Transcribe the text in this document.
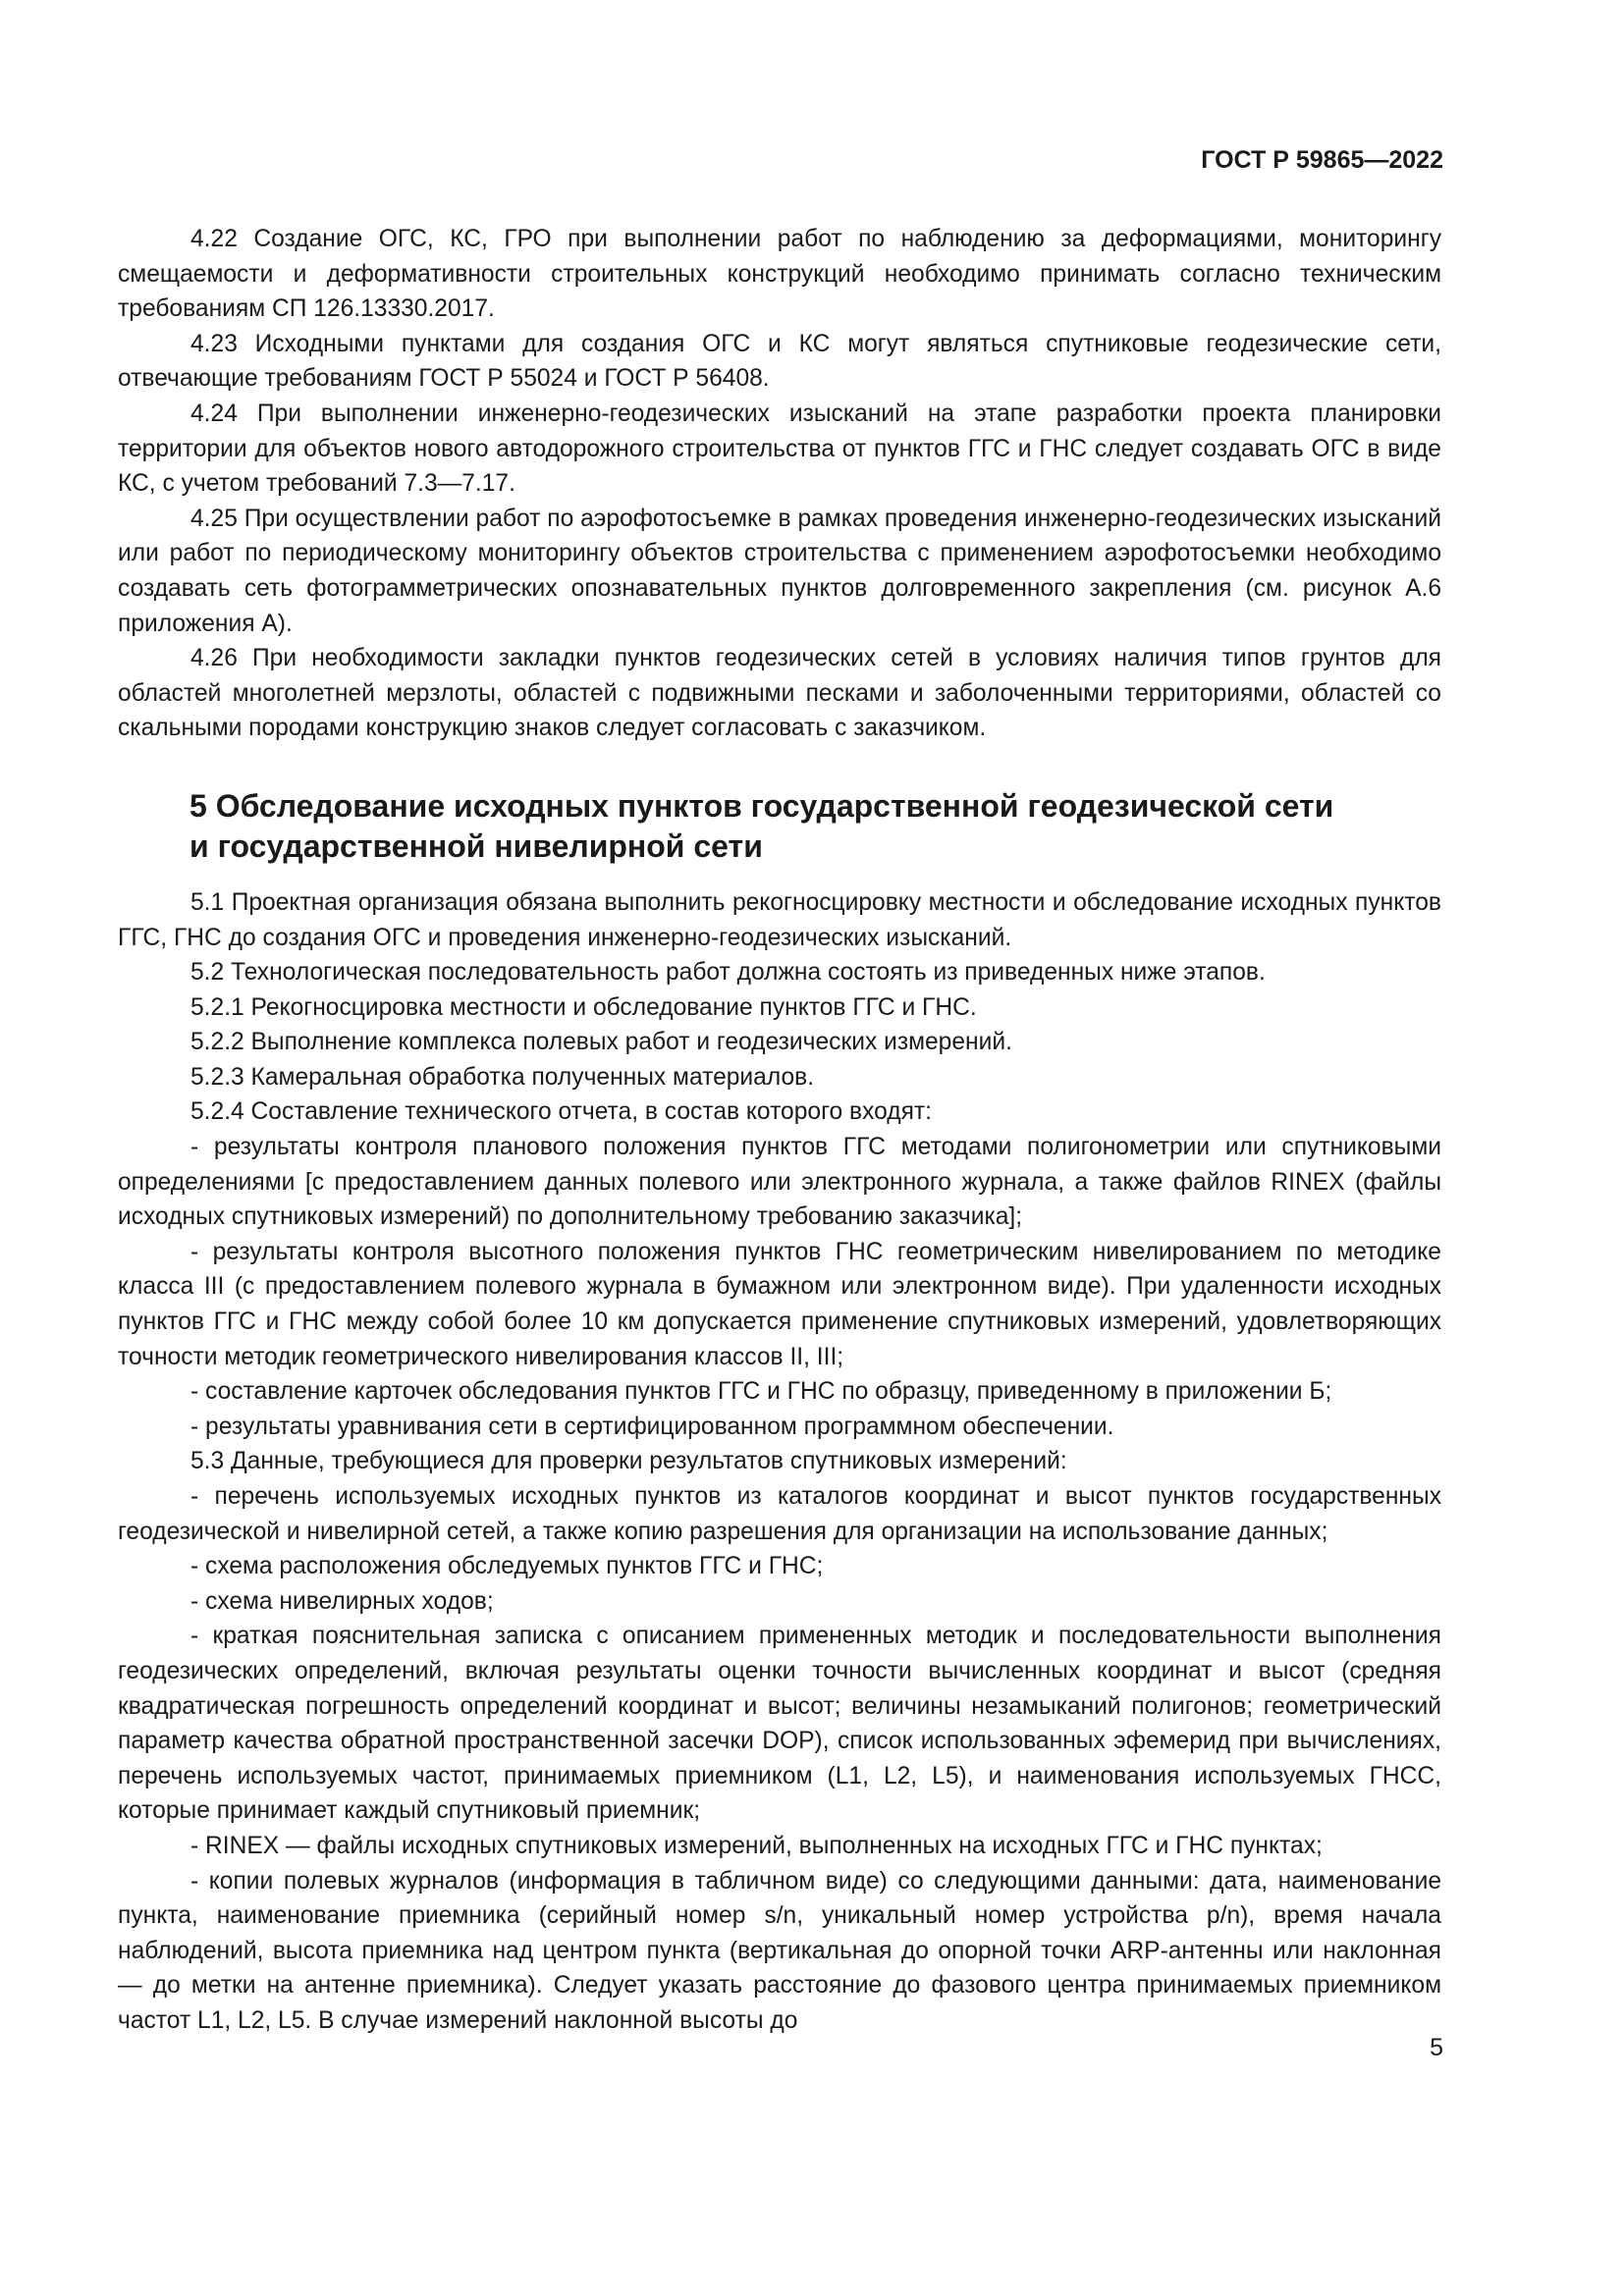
ГОСТ Р 59865—2022

4.22 Создание ОГС, КС, ГРО при выполнении работ по наблюдению за деформациями, мониторингу смещаемости и деформативности строительных конструкций необходимо принимать согласно техническим требованиям СП 126.13330.2017.

4.23 Исходными пунктами для создания ОГС и КС могут являться спутниковые геодезические сети, отвечающие требованиям ГОСТ Р 55024 и ГОСТ Р 56408.

4.24 При выполнении инженерно-геодезических изысканий на этапе разработки проекта планировки территории для объектов нового автодорожного строительства от пунктов ГГС и ГНС следует создавать ОГС в виде КС, с учетом требований 7.3—7.17.

4.25 При осуществлении работ по аэрофотосъемке в рамках проведения инженерно-геодезических изысканий или работ по периодическому мониторингу объектов строительства с применением аэрофотосъемки необходимо создавать сеть фотограмметрических опознавательных пунктов долговременного закрепления (см. рисунок А.6 приложения А).

4.26 При необходимости закладки пунктов геодезических сетей в условиях наличия типов грунтов для областей многолетней мерзлоты, областей с подвижными песками и заболоченными территориями, областей со скальными породами конструкцию знаков следует согласовать с заказчиком.

5 Обследование исходных пунктов государственной геодезической сети
и государственной нивелирной сети

5.1 Проектная организация обязана выполнить рекогносцировку местности и обследование исходных пунктов ГГС, ГНС до создания ОГС и проведения инженерно-геодезических изысканий.

5.2 Технологическая последовательность работ должна состоять из приведенных ниже этапов.

5.2.1 Рекогносцировка местности и обследование пунктов ГГС и ГНС.

5.2.2 Выполнение комплекса полевых работ и геодезических измерений.

5.2.3 Камеральная обработка полученных материалов.

5.2.4 Составление технического отчета, в состав которого входят:

- результаты контроля планового положения пунктов ГГС методами полигонометрии или спутниковыми определениями [с предоставлением данных полевого или электронного журнала, а также файлов RINEX (файлы исходных спутниковых измерений) по дополнительному требованию заказчика];

- результаты контроля высотного положения пунктов ГНС геометрическим нивелированием по методике класса III (с предоставлением полевого журнала в бумажном или электронном виде). При удаленности исходных пунктов ГГС и ГНС между собой более 10 км допускается применение спутниковых измерений, удовлетворяющих точности методик геометрического нивелирования классов II, III;

- составление карточек обследования пунктов ГГС и ГНС по образцу, приведенному в приложении Б;

- результаты уравнивания сети в сертифицированном программном обеспечении.

5.3 Данные, требующиеся для проверки результатов спутниковых измерений:

- перечень используемых исходных пунктов из каталогов координат и высот пунктов государственных геодезической и нивелирной сетей, а также копию разрешения для организации на использование данных;

- схема расположения обследуемых пунктов ГГС и ГНС;

- схема нивелирных ходов;

- краткая пояснительная записка с описанием примененных методик и последовательности выполнения геодезических определений, включая результаты оценки точности вычисленных координат и высот (средняя квадратическая погрешность определений координат и высот; величины незамыканий полигонов; геометрический параметр качества обратной пространственной засечки DOP), список использованных эфемерид при вычислениях, перечень используемых частот, принимаемых приемником (L1, L2, L5), и наименования используемых ГНСС, которые принимает каждый спутниковый приемник;

- RINEX — файлы исходных спутниковых измерений, выполненных на исходных ГГС и ГНС пунктах;

- копии полевых журналов (информация в табличном виде) со следующими данными: дата, наименование пункта, наименование приемника (серийный номер s/n, уникальный номер устройства p/n), время начала наблюдений, высота приемника над центром пункта (вертикальная до опорной точки ARP-антенны или наклонная — до метки на антенне приемника). Следует указать расстояние до фазового центра принимаемых приемником частот L1, L2, L5. В случае измерений наклонной высоты до

5
